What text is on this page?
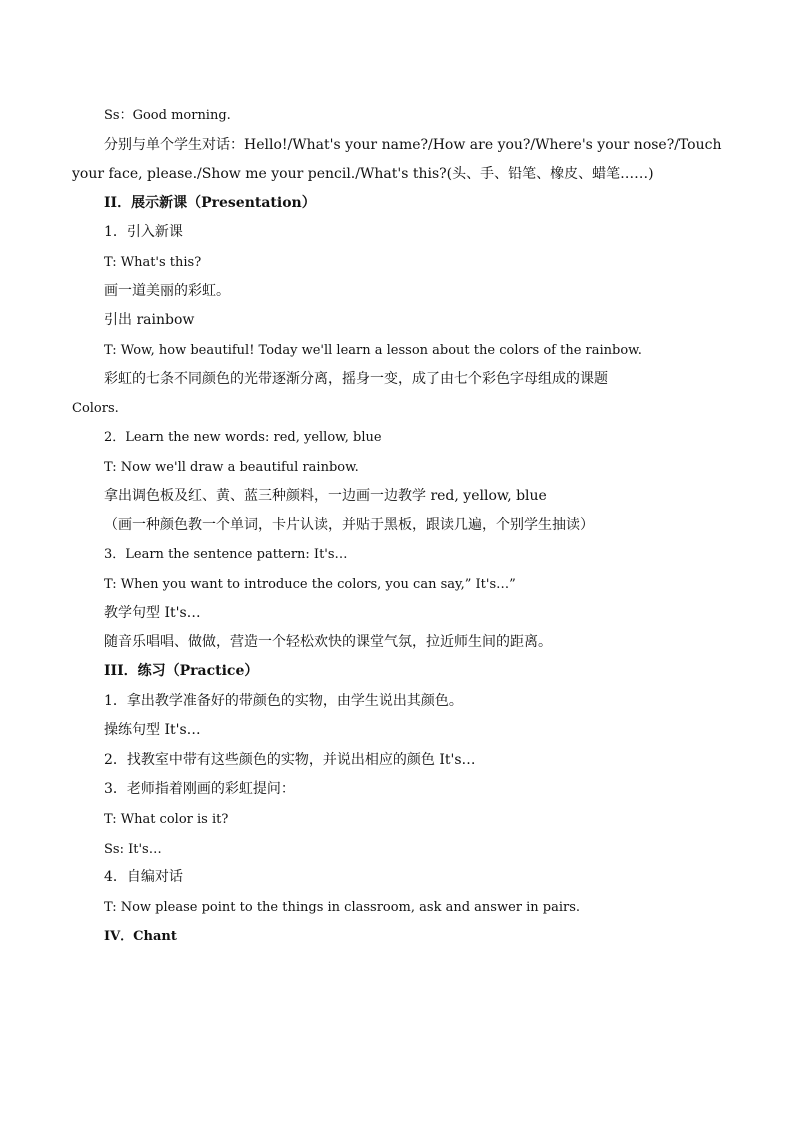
Ss：Good morning.
分别与单个学生对话：Hello!/What's your name?/How are you?/Where's your nose?/Touch
your face, please./Show me your pencil./What's this?(头、手、铅笔、橡皮、蜡笔……)
II．展示新课（Presentation）
1．引入新课
T: What's this?
画一道美丽的彩虹。
引出 rainbow
T: Wow, how beautiful! Today we'll learn a lesson about the colors of the rainbow.
彩虹的七条不同颜色的光带逐渐分离，摇身一变，成了由七个彩色字母组成的课题
Colors.
2．Learn the new words: red, yellow, blue
T: Now we'll draw a beautiful rainbow.
拿出调色板及红、黄、蓝三种颜料，一边画一边教学 red, yellow, blue
（画一种颜色教一个单词，卡片认读，并贴于黑板，跟读几遍，个别学生抽读）
3．Learn the sentence pattern: It's…
T: When you want to introduce the colors, you can say,” It's…”
教学句型 It's…
随音乐唱唱、做做，营造一个轻松欢快的课堂气氛，拉近师生间的距离。
III．练习（Practice）
1．拿出教学准备好的带颜色的实物，由学生说出其颜色。
操练句型 It's…
2．找教室中带有这些颜色的实物，并说出相应的颜色 It's…
3．老师指着刚画的彩虹提问：
T: What color is it?
Ss: It's…
4．自编对话
T: Now please point to the things in classroom, ask and answer in pairs.
IV．Chant
